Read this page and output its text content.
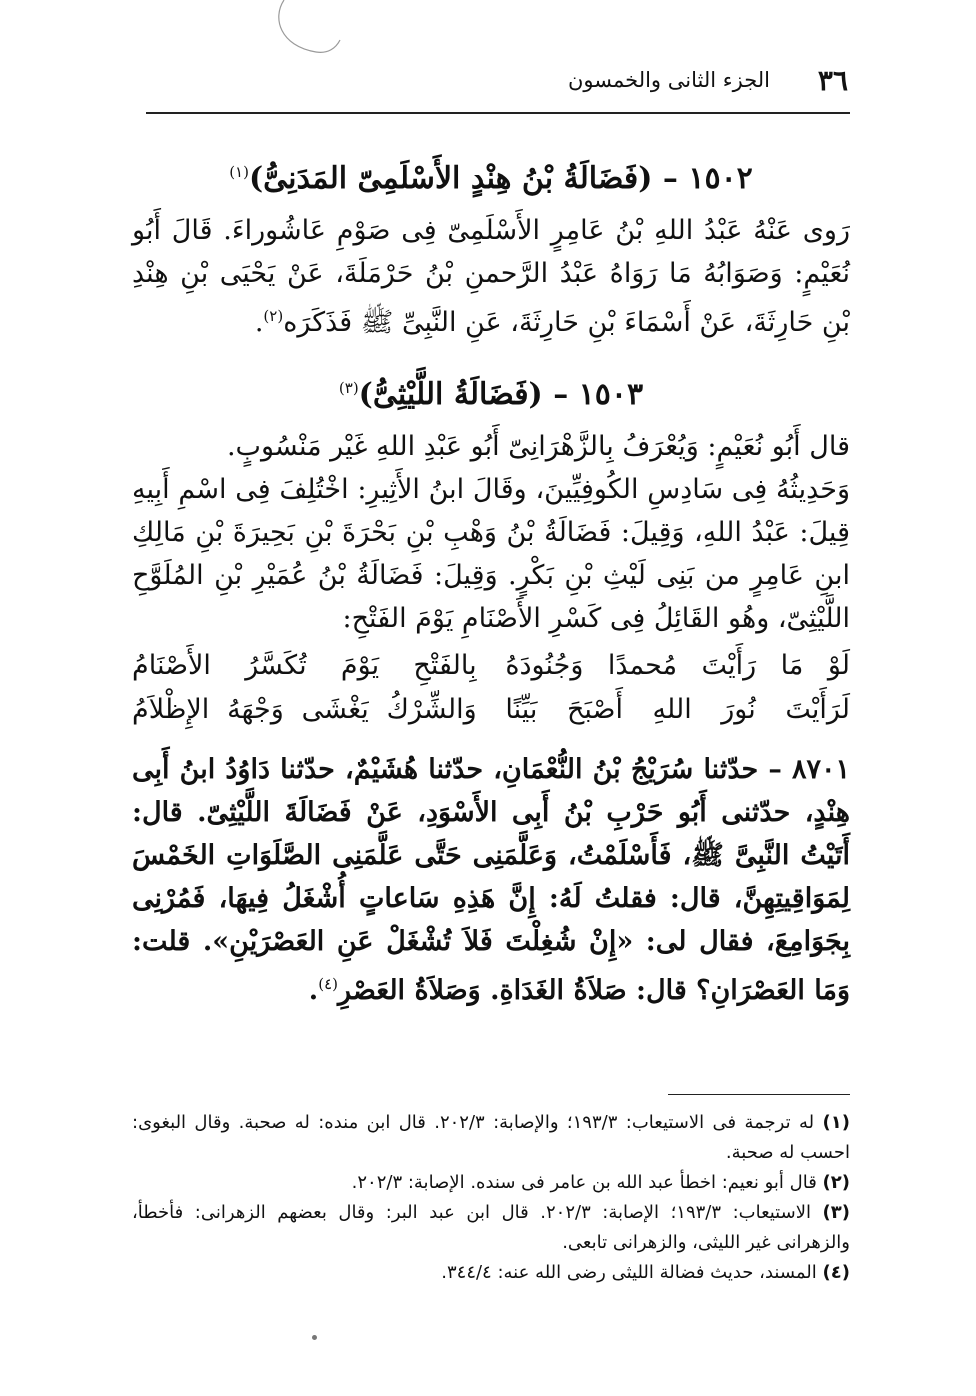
٣٦
الجزء الثانى والخمسون
١٥٠٢ – (فَضَالَةُ بْنُ هِنْدٍ الأَسْلَمِىّ المَدَنِىُّ)$^{(١)}$

رَوى عَنْهُ عَبْدُ اللهِ بْنُ عَامِرٍ الأَسْلَمِىّ فِى صَوْمِ عَاشُوراءَ. قَالَ أَبُو نُعَيْمٍ: وَصَوَابُهُ مَا رَوَاهُ عَبْدُ الرَّحمنِ بْنُ حَرْمَلَةَ، عَنْ يَحْيَى بْنِ هِنْدِ بْنِ حَارِثَةَ، عَنْ أَسْمَاءَ بْنِ حَارِثَةَ، عَنِ النَّبِىِّ ﷺ فَذَكَرَه$^{(٢)}$.

١٥٠٣ – (فَضَالَةُ اللَّيْثِىُّ)$^{(٣)}$

قال أَبُو نُعَيْمٍ: وَيُعْرَفُ بِالزَّهْرَانِىّ أَبُو عَبْدِ اللهِ غَيْر مَنْسُوبٍ.

وَحَدِيثُهُ فِى سَادِسِ الكُوفِيِّينَ، وقَالَ ابنُ الأَثِيرِ: اخْتُلِفَ فِى اسْمِ أَبِيهِ قِيلَ: عَبْدُ اللهِ، وَقِيلَ: فَضَالَةُ بْنُ وَهْبِ بْنِ بَحْرَةَ بْنِ بَحِيرَةَ بْنِ مَالِكِ ابنِ عَامِرٍ من بَنِى لَيْثِ بْنِ بَكْرٍ. وَقِيلَ: فَضَالَةُ بْنُ عُمَيْرِ بْنِ المُلَوَّحِ اللَّيْثِىّ، وهُو القَائِلُ فِى كَسْرِ الأَصْنَامِ يَوْمَ الفَتْحِ:

لَوْ مَا رَأَيْتَ مُحمدًا وَجُنُودَهُ
بِالفَتْحِ يَوْمَ تُكَسَّرُ الأَصْنَامُ
لَرَأَيْتَ نُورَ اللهِ أَصْبَحَ بَيِّنًا
وَالشِّرْكُ يَغْشَى وَجْهَهُ الإِظْلاَمُ

٨٧٠١ – حدّثنا سُرَيْجُ بْنُ النُّعْمَانِ، حدّثنا هُشَيْمٌ، حدّثنا دَاوُدُ ابنُ أَبِى هِنْدٍ، حدّثنى أَبُو حَرْبِ بْنُ أَبِى الأَسْوَدِ، عَنْ فَضَالَةَ اللَّيْثِىّ. قال: أَتَيْتُ النَّبِىَّ ﷺ، فَأَسْلَمْتُ، وَعَلَّمَنِى حَتَّى عَلَّمَنِى الصَّلَوَاتِ الخَمْسَ لِمَوَاقِيتِهِنَّ، قال: فقلتُ لَهُ: إِنَّ هَذِهِ سَاعاتٍ أُشْغَلُ فِيهَا، فَمُرْنِى بِجَوَامِعَ، فقال لى: «إِنْ شُغِلْتَ فَلاَ تُشْغَلْ عَنِ العَصْرَيْنِ». قلت: وَمَا العَصْرَانِ؟ قال: صَلاَةُ الغَدَاةِ. وَصَلاَةُ العَصْرِ$^{(٤)}$.

(١) له ترجمة فى الاستيعاب: ١٩٣/٣؛ والإصابة: ٢٠٢/٣. قال ابن منده: له صحبة. وقال البغوى: احسب له صحبة.

(٢) قال أبو نعيم: اخطأ عبد الله بن عامر فى سنده. الإصابة: ٢٠٢/٣.

(٣) الاستيعاب: ١٩٣/٣؛ الإصابة: ٢٠٢/٣. قال ابن عبد البر: وقال بعضهم الزهرانى: فأخطأ، والزهرانى غير الليثى، والزهرانى تابعى.

(٤) المسند، حديث فضالة الليثى رضى الله عنه: ٣٤٤/٤.
